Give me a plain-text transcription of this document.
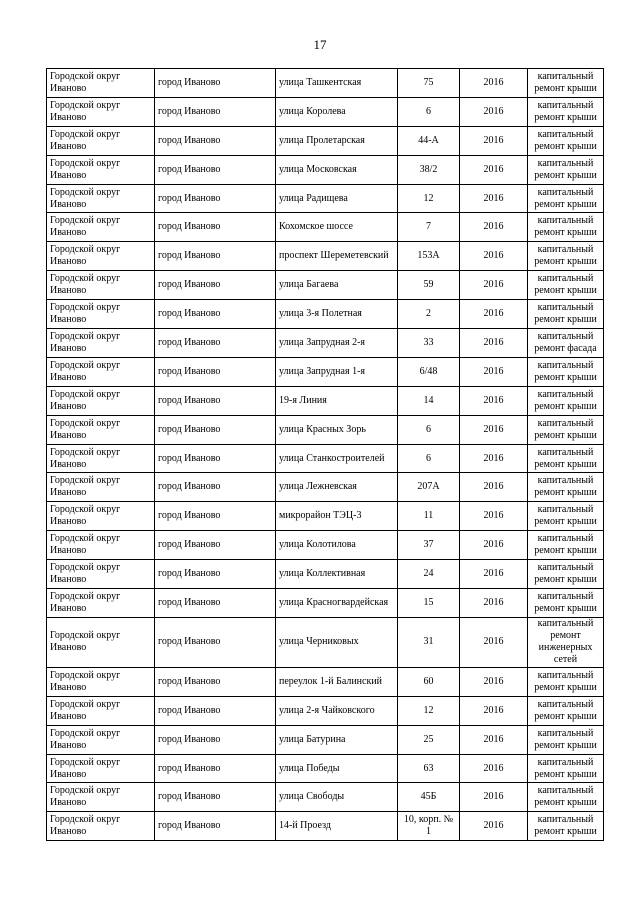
17
Городской округ Иваново	город Иваново	улица Ташкентская	75	2016	капитальный ремонт крыши
Городской округ Иваново	город Иваново	улица Королева	6	2016	капитальный ремонт крыши
Городской округ Иваново	город Иваново	улица Пролетарская	44-А	2016	капитальный ремонт крыши
Городской округ Иваново	город Иваново	улица Московская	38/2	2016	капитальный ремонт крыши
Городской округ Иваново	город Иваново	улица Радищева	12	2016	капитальный ремонт крыши
Городской округ Иваново	город Иваново	Кохомское шоссе	7	2016	капитальный ремонт крыши
Городской округ Иваново	город Иваново	проспект Шереметевский	153А	2016	капитальный ремонт крыши
Городской округ Иваново	город Иваново	улица Багаева	59	2016	капитальный ремонт крыши
Городской округ Иваново	город Иваново	улица 3-я Полетная	2	2016	капитальный ремонт крыши
Городской округ Иваново	город Иваново	улица Запрудная 2-я	33	2016	капитальный ремонт фасада
Городской округ Иваново	город Иваново	улица Запрудная 1-я	6/48	2016	капитальный ремонт крыши
Городской округ Иваново	город Иваново	19-я Линия	14	2016	капитальный ремонт крыши
Городской округ Иваново	город Иваново	улица Красных Зорь	6	2016	капитальный ремонт крыши
Городской округ Иваново	город Иваново	улица Станкостроителей	6	2016	капитальный ремонт крыши
Городской округ Иваново	город Иваново	улица Лежневская	207А	2016	капитальный ремонт крыши
Городской округ Иваново	город Иваново	микрорайон ТЭЦ-3	11	2016	капитальный ремонт крыши
Городской округ Иваново	город Иваново	улица Колотилова	37	2016	капитальный ремонт крыши
Городской округ Иваново	город Иваново	улица Коллективная	24	2016	капитальный ремонт крыши
Городской округ Иваново	город Иваново	улица Красногвардейская	15	2016	капитальный ремонт крыши
Городской округ Иваново	город Иваново	улица Черниковых	31	2016	капитальный ремонт инженерных сетей
Городской округ Иваново	город Иваново	переулок 1-й Балинский	60	2016	капитальный ремонт крыши
Городской округ Иваново	город Иваново	улица 2-я Чайковского	12	2016	капитальный ремонт крыши
Городской округ Иваново	город Иваново	улица Батурина	25	2016	капитальный ремонт крыши
Городской округ Иваново	город Иваново	улица Победы	63	2016	капитальный ремонт крыши
Городской округ Иваново	город Иваново	улица Свободы	45Б	2016	капитальный ремонт крыши
Городской округ Иваново	город Иваново	14-й Проезд	10, корп. № 1	2016	капитальный ремонт крыши
